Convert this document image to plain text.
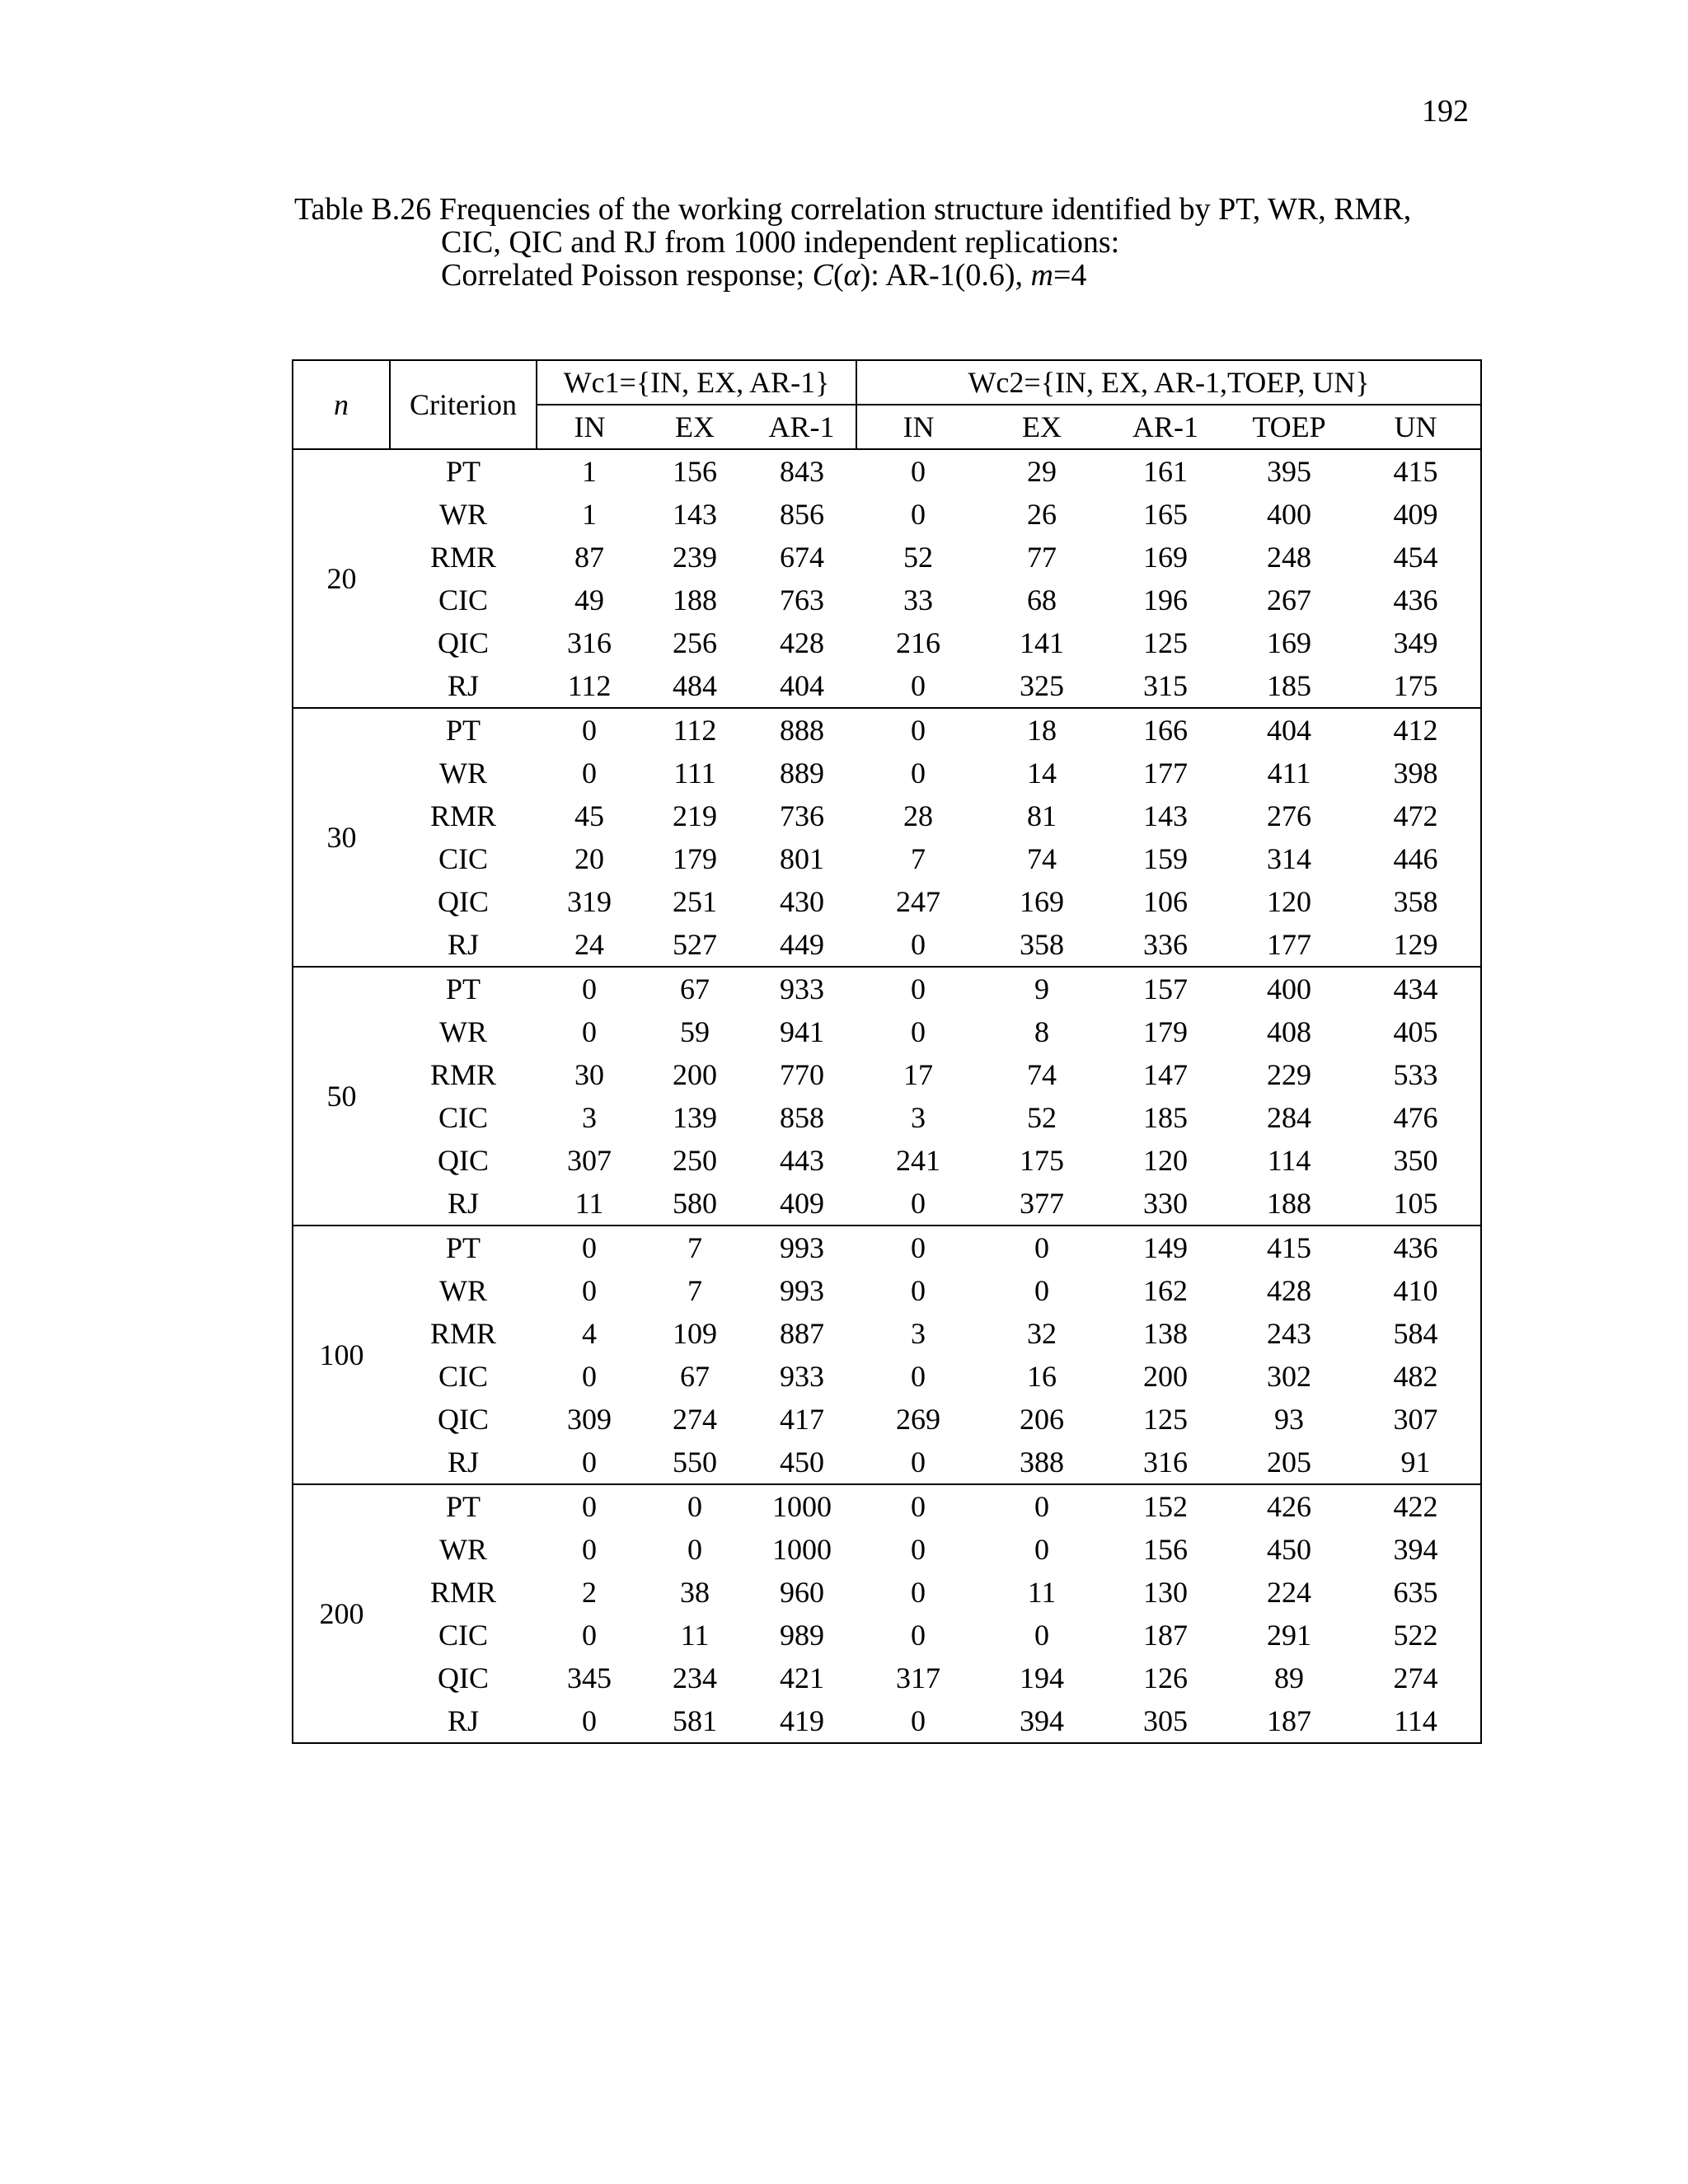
192
Table B.26 Frequencies of the working correlation structure identified by PT, WR, RMR,
CIC, QIC and RJ from 1000 independent replications:
Correlated Poisson response; C(α): AR-1(0.6), m=4
n	Criterion	Wc1={IN, EX, AR-1}			Wc2={IN, EX, AR-1,TOEP, UN}				
		IN	EX	AR-1	IN	EX	AR-1	TOEP	UN
20	PT	1	156	843	0	29	161	395	415
	WR	1	143	856	0	26	165	400	409
	RMR	87	239	674	52	77	169	248	454
	CIC	49	188	763	33	68	196	267	436
	QIC	316	256	428	216	141	125	169	349
	RJ	112	484	404	0	325	315	185	175
30	PT	0	112	888	0	18	166	404	412
	WR	0	111	889	0	14	177	411	398
	RMR	45	219	736	28	81	143	276	472
	CIC	20	179	801	7	74	159	314	446
	QIC	319	251	430	247	169	106	120	358
	RJ	24	527	449	0	358	336	177	129
50	PT	0	67	933	0	9	157	400	434
	WR	0	59	941	0	8	179	408	405
	RMR	30	200	770	17	74	147	229	533
	CIC	3	139	858	3	52	185	284	476
	QIC	307	250	443	241	175	120	114	350
	RJ	11	580	409	0	377	330	188	105
100	PT	0	7	993	0	0	149	415	436
	WR	0	7	993	0	0	162	428	410
	RMR	4	109	887	3	32	138	243	584
	CIC	0	67	933	0	16	200	302	482
	QIC	309	274	417	269	206	125	93	307
	RJ	0	550	450	0	388	316	205	91
200	PT	0	0	1000	0	0	152	426	422
	WR	0	0	1000	0	0	156	450	394
	RMR	2	38	960	0	11	130	224	635
	CIC	0	11	989	0	0	187	291	522
	QIC	345	234	421	317	194	126	89	274
	RJ	0	581	419	0	394	305	187	114
